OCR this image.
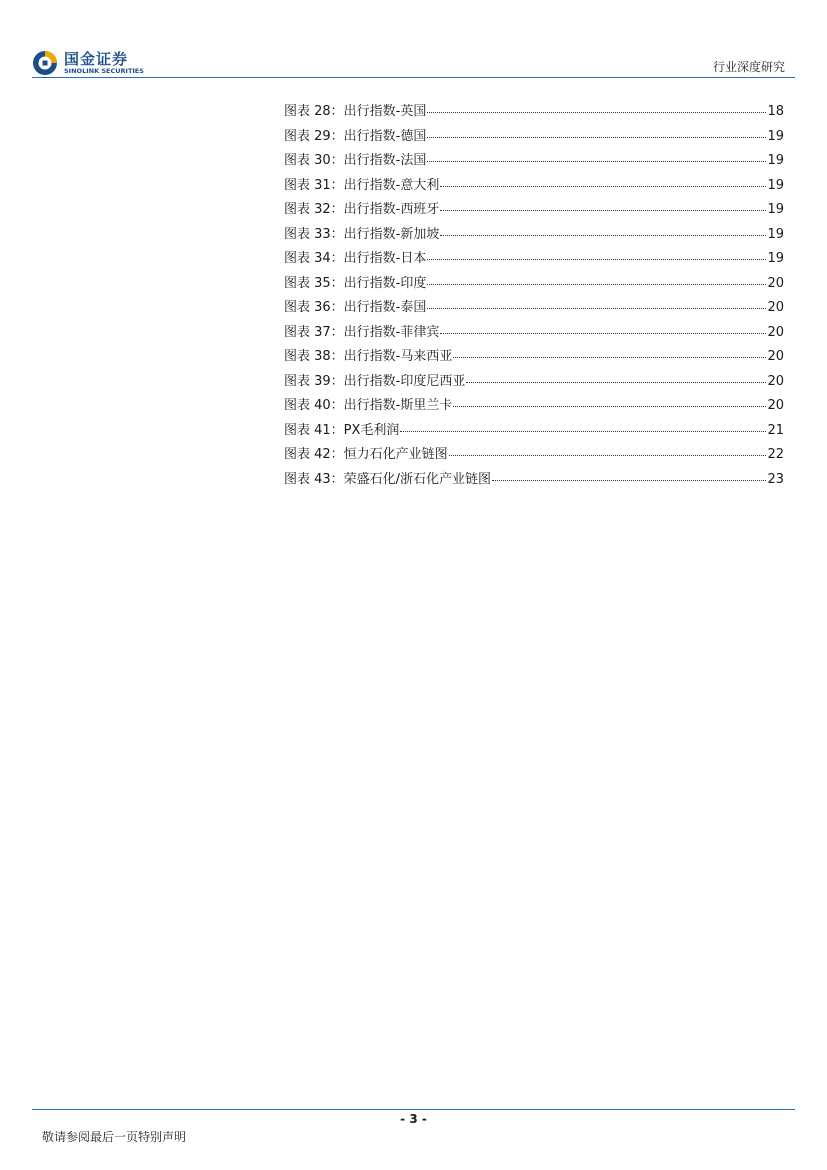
国金证券
SINOLINK SECURITIES	行业深度研究
图表 28：出行指数-英国	18
图表 29：出行指数-德国	19
图表 30：出行指数-法国	19
图表 31：出行指数-意大利	19
图表 32：出行指数-西班牙	19
图表 33：出行指数-新加坡	19
图表 34：出行指数-日本	19
图表 35：出行指数-印度	20
图表 36：出行指数-泰国	20
图表 37：出行指数-菲律宾	20
图表 38：出行指数-马来西亚	20
图表 39：出行指数-印度尼西亚	20
图表 40：出行指数-斯里兰卡	20
图表 41：PX毛利润	21
图表 42：恒力石化产业链图	22
图表 43：荣盛石化/浙石化产业链图	23
- 3 -
敬请参阅最后一页特别声明
